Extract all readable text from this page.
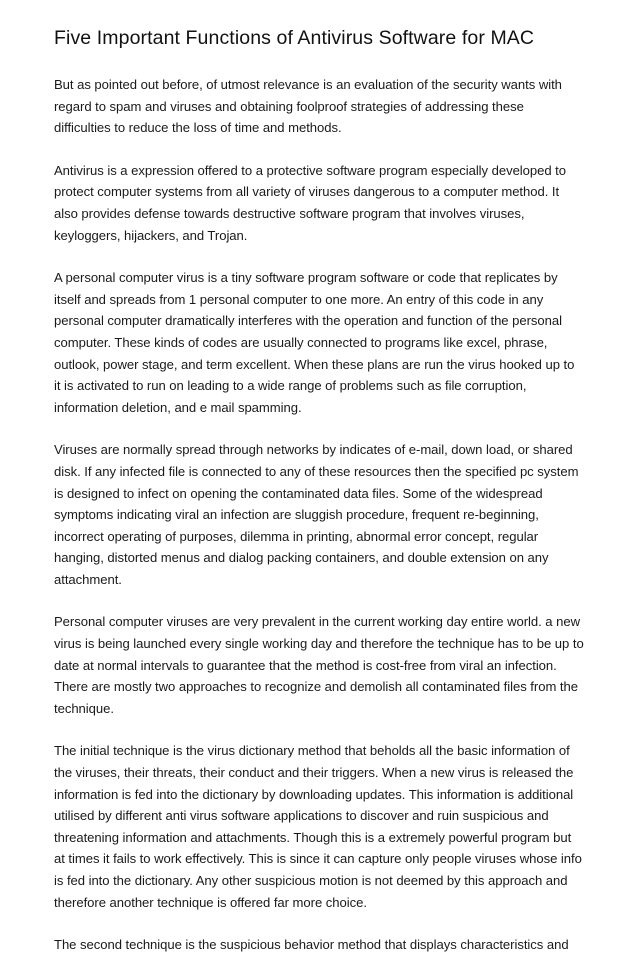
Five Important Functions of Antivirus Software for MAC

But as pointed out before, of utmost relevance is an evaluation of the security wants with regard to spam and viruses and obtaining foolproof strategies of addressing these difficulties to reduce the loss of time and methods.

Antivirus is a expression offered to a protective software program especially developed to protect computer systems from all variety of viruses dangerous to a computer method. It also provides defense towards destructive software program that involves viruses, keyloggers, hijackers, and Trojan.

A personal computer virus is a tiny software program software or code that replicates by itself and spreads from 1 personal computer to one more. An entry of this code in any personal computer dramatically interferes with the operation and function of the personal computer. These kinds of codes are usually connected to programs like excel, phrase, outlook, power stage, and term excellent. When these plans are run the virus hooked up to it is activated to run on leading to a wide range of problems such as file corruption, information deletion, and e mail spamming.

Viruses are normally spread through networks by indicates of e-mail, down load, or shared disk. If any infected file is connected to any of these resources then the specified pc system is designed to infect on opening the contaminated data files. Some of the widespread symptoms indicating viral an infection are sluggish procedure, frequent re-beginning, incorrect operating of purposes, dilemma in printing, abnormal error concept, regular hanging, distorted menus and dialog packing containers, and double extension on any attachment.

Personal computer viruses are very prevalent in the current working day entire world. a new virus is being launched every single working day and therefore the technique has to be up to date at normal intervals to guarantee that the method is cost-free from viral an infection. There are mostly two approaches to recognize and demolish all contaminated files from the technique.

The initial technique is the virus dictionary method that beholds all the basic information of the viruses, their threats, their conduct and their triggers. When a new virus is released the information is fed into the dictionary by downloading updates. This information is additional utilised by different anti virus software applications to discover and ruin suspicious and threatening information and attachments. Though this is a extremely powerful program but at times it fails to work effectively. This is since it can capture only people viruses whose info is fed into the dictionary. Any other suspicious motion is not deemed by this approach and therefore another technique is offered far more choice.

The second technique is the suspicious behavior method that displays characteristics and
